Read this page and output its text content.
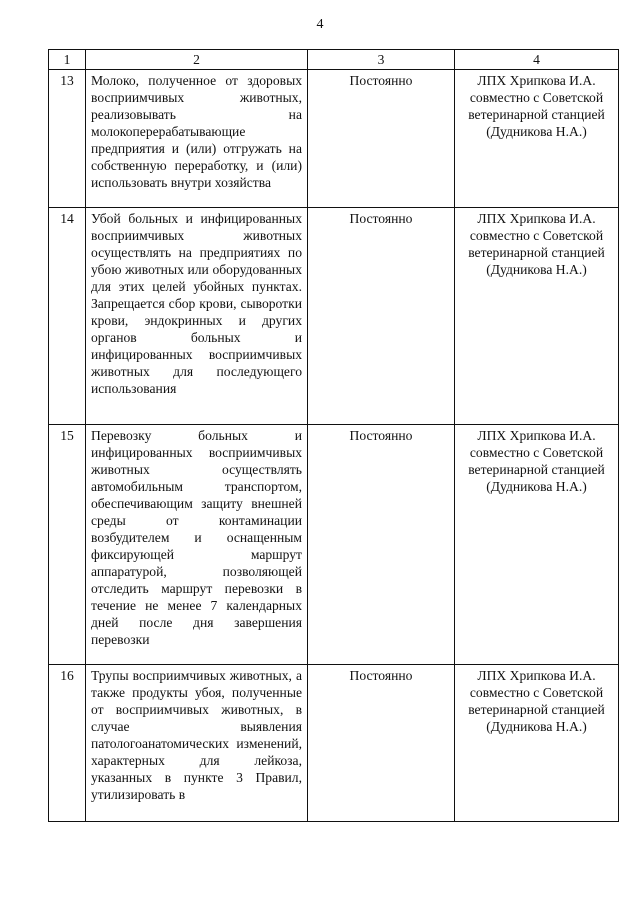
4
1	2	3	4
13	Молоко, полученное от здоровых восприимчивых животных, реализовывать на молокоперерабатывающие предприятия и (или) отгружать на собственную переработку, и (или) использовать внутри хозяйства	Постоянно	ЛПХ Хрипкова И.А. совместно с Советской ветеринарной станцией (Дудникова Н.А.)
14	Убой больных и инфицированных восприимчивых животных осуществлять на предприятиях по убою животных или оборудованных для этих целей убойных пунктах. Запрещается сбор крови, сыворотки крови, эндокринных и других органов больных и инфицированных восприимчивых животных для последующего использования	Постоянно	ЛПХ Хрипкова И.А. совместно с Советской ветеринарной станцией (Дудникова Н.А.)
15	Перевозку больных и инфицированных восприимчивых животных осуществлять автомобильным транспортом, обеспечивающим защиту внешней среды от контаминации возбудителем и оснащенным фиксирующей маршрут аппаратурой, позволяющей отследить маршрут перевозки в течение не менее 7 календарных дней после дня завершения перевозки	Постоянно	ЛПХ Хрипкова И.А. совместно с Советской ветеринарной станцией (Дудникова Н.А.)
16	Трупы восприимчивых животных, а также продукты убоя, полученные от восприимчивых животных, в случае выявления патологоанатомических изменений, характерных для лейкоза, указанных в пункте 3 Правил, утилизировать в	Постоянно	ЛПХ Хрипкова И.А. совместно с Советской ветеринарной станцией (Дудникова Н.А.)
